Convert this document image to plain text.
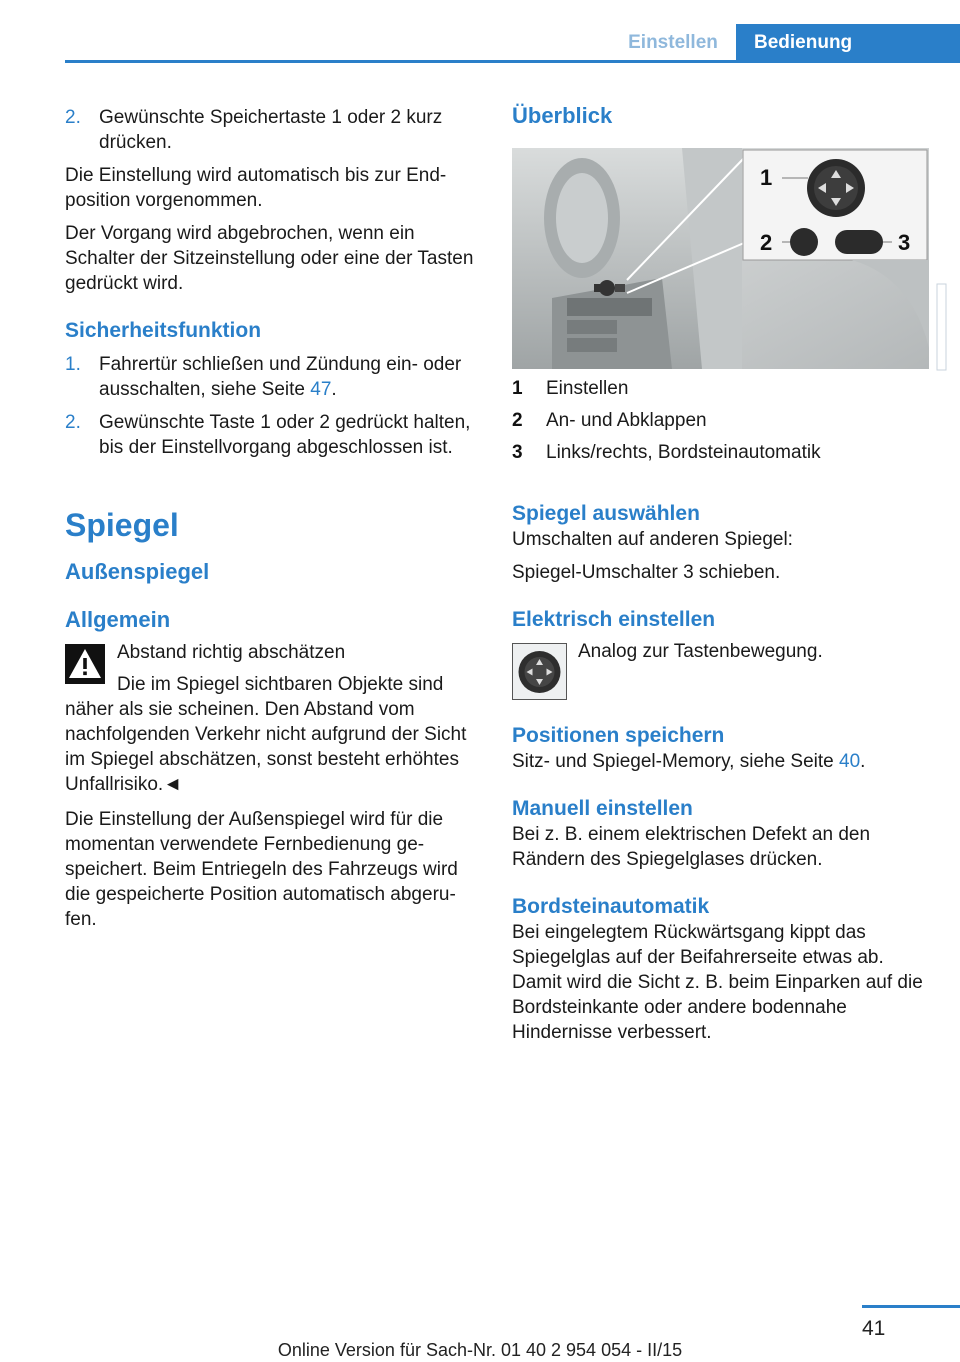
Einstellen	Bedienung
2. Gewünschte Speichertaste 1 oder 2 kurz drücken.

Die Einstellung wird automatisch bis zur Endposition vorgenommen.

Der Vorgang wird abgebrochen, wenn ein Schalter der Sitzeinstellung oder eine der Tasten gedrückt wird.

Sicherheitsfunktion
1. Fahrertür schließen und Zündung ein- oder ausschalten, siehe Seite 47.
2. Gewünschte Taste 1 oder 2 gedrückt halten, bis der Einstellvorgang abgeschlossen ist.
Spiegel
Außenspiegel
Allgemein
Abstand richtig abschätzen
Die im Spiegel sichtbaren Objekte sind näher als sie scheinen. Den Abstand vom nachfolgenden Verkehr nicht aufgrund der Sicht im Spiegel abschätzen, sonst besteht erhöhtes Unfallrisiko.◄

Die Einstellung der Außenspiegel wird für die momentan verwendete Fernbedienung gespeichert. Beim Entriegeln des Fahrzeugs wird die gespeicherte Position automatisch abgerufen.

Überblick
1
2	3
1 Einstellen
2 An- und Abklappen
3 Links/rechts, Bordsteinautomatik
Spiegel auswählen

Umschalten auf anderen Spiegel:

Spiegel-Umschalter 3 schieben.

Elektrisch einstellen
Analog zur Tastenbewegung.
Positionen speichern

Sitz- und Spiegel-Memory, siehe Seite 40.

Manuell einstellen

Bei z. B. einem elektrischen Defekt an den Rändern des Spiegelglases drücken.

Bordsteinautomatik

Bei eingelegtem Rückwärtsgang kippt das Spiegelglas auf der Beifahrerseite etwas ab. Damit wird die Sicht z. B. beim Einparken auf die Bordsteinkante oder andere bodennahe Hindernisse verbessert.

41
Online Version für Sach-Nr. 01 40 2 954 054 - II/15
